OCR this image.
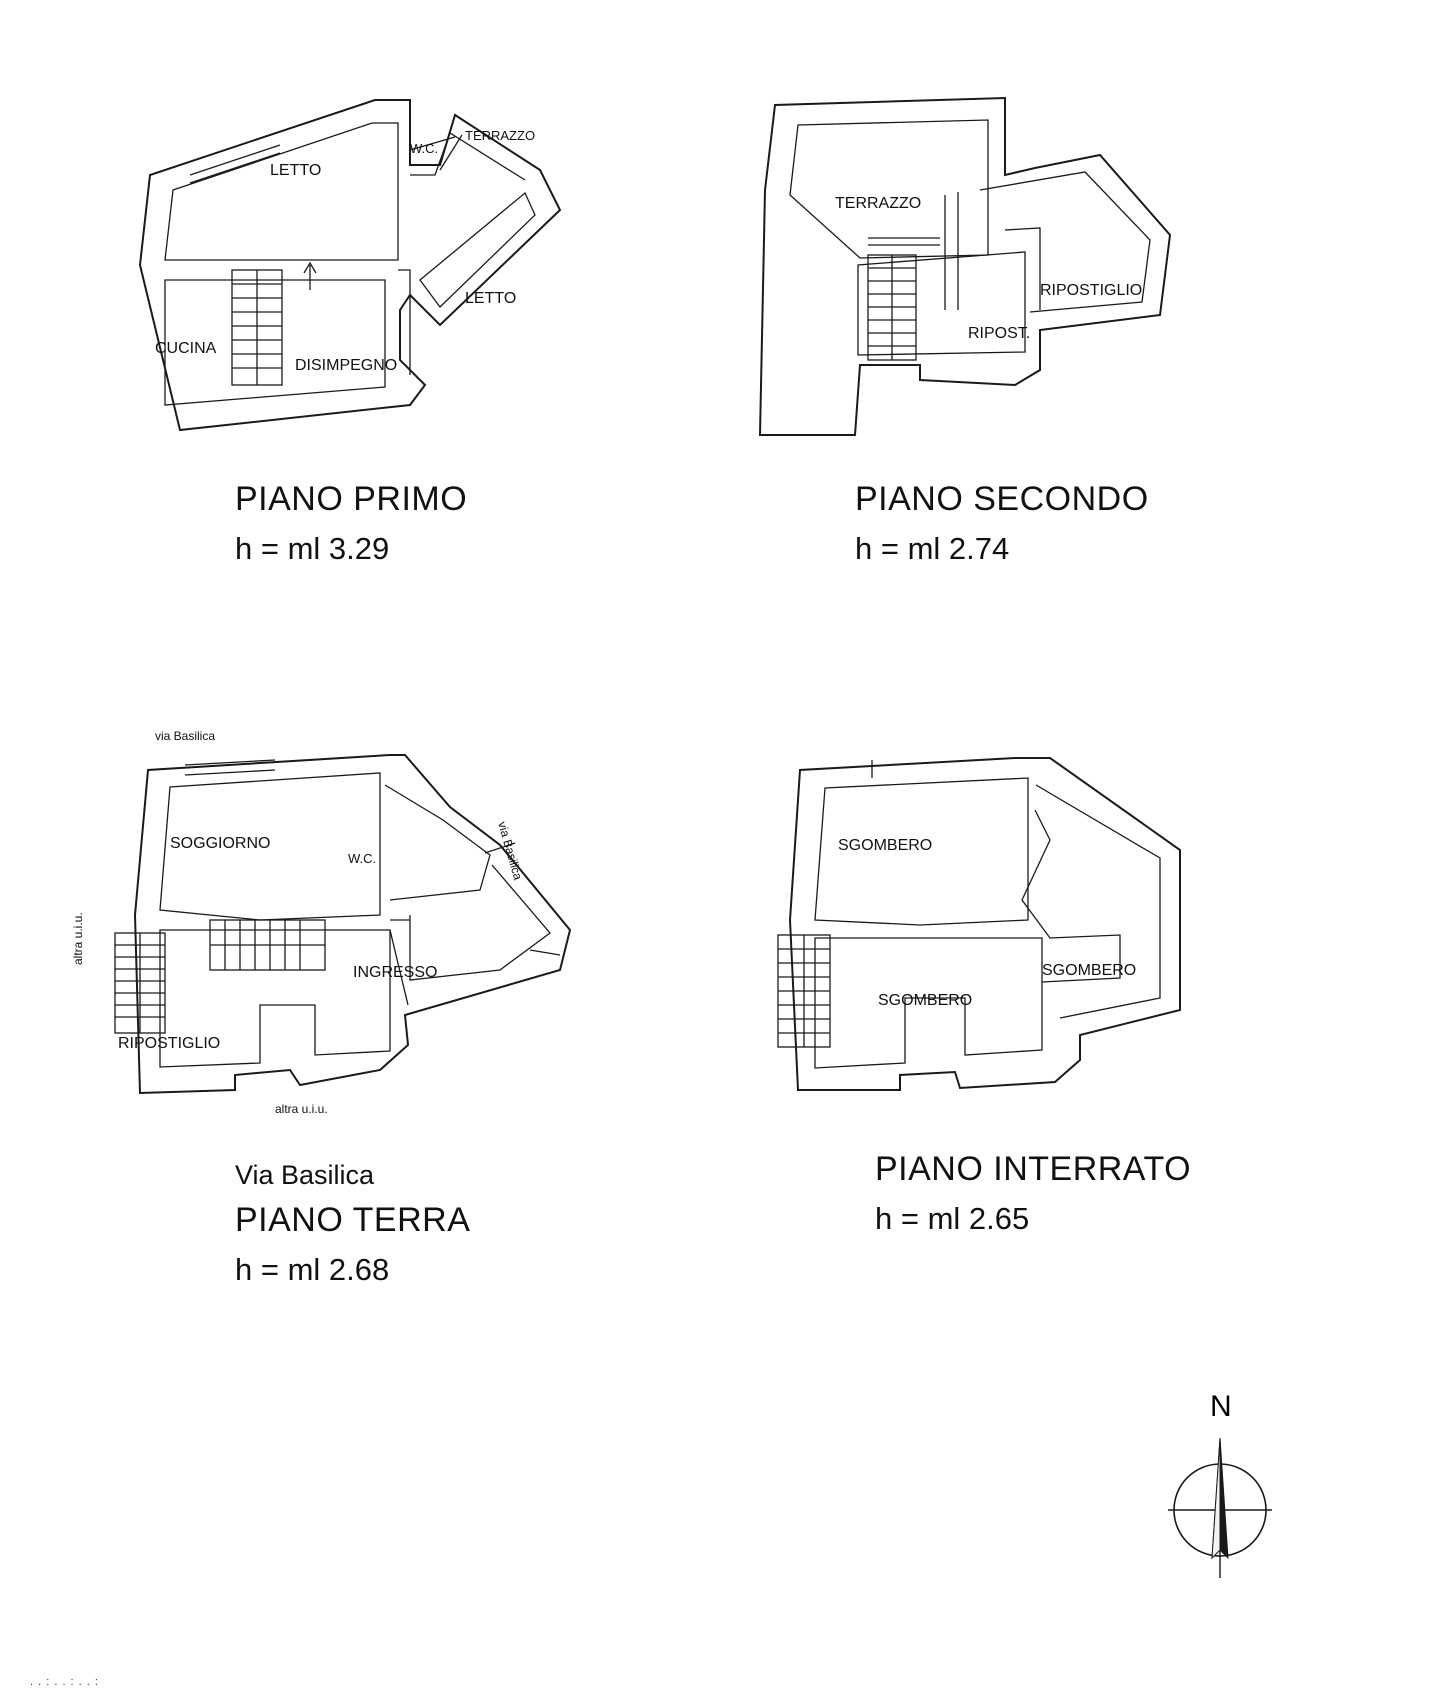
LETTO
W.C.
TERRAZZO
LETTO
CUCINA
DISIMPEGNO
PIANO PRIMO
h = ml 3.29
TERRAZZO
RIPOST.
RIPOSTIGLIO
PIANO SECONDO
h = ml 2.74
via Basilica
SOGGIORNO
W.C.	via Basilica
INGRESSO
RIPOSTIGLIO
altra u.i.u.
altra u.i.u.
Via Basilica
PIANO TERRA
h = ml 2.68
SGOMBERO
SGOMBERO
SGOMBERO
PIANO INTERRATO
h = ml 2.65
N
. . : . . : . . :
